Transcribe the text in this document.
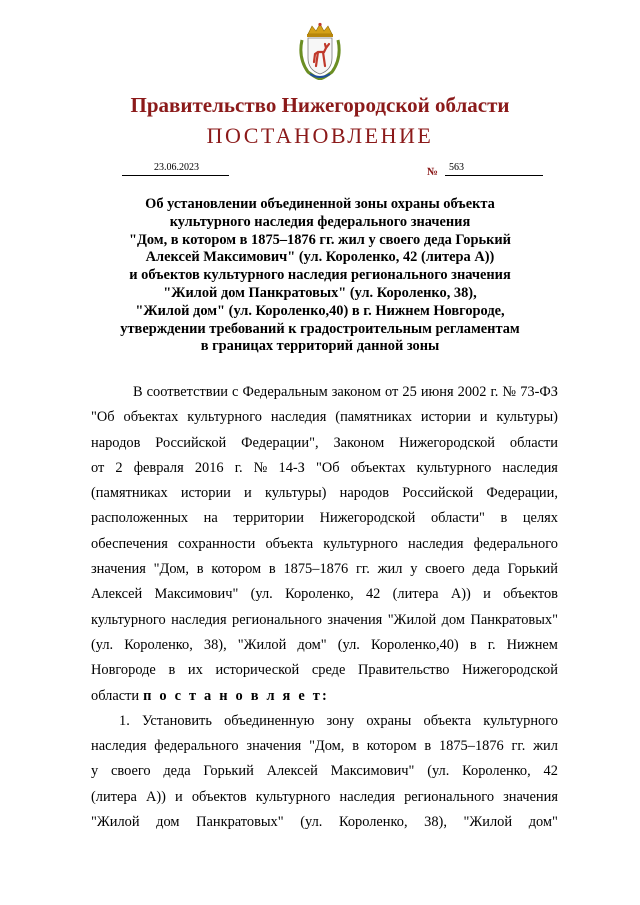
Правительство Нижегородской области
ПОСТАНОВЛЕНИЕ
23.06.2023	№	563
Об установлении объединенной зоны охраны объекта
культурного наследия федерального значения
"Дом, в котором в 1875–1876 гг. жил у своего деда Горький
Алексей Максимович" (ул. Короленко, 42 (литера А))
и объектов культурного наследия регионального значения
"Жилой дом Панкратовых" (ул. Короленко, 38),
"Жилой дом" (ул. Короленко,40) в г. Нижнем Новгороде,
утверждении требований к градостроительным регламентам
в границах территорий данной зоны
В соответствии с Федеральным законом от 25 июня 2002 г. № 73-ФЗ
"Об объектах культурного наследия (памятниках истории и культуры)
народов Российской Федерации", Законом Нижегородской области
от 2 февраля 2016 г. № 14-З "Об объектах культурного наследия
(памятниках истории и культуры) народов Российской Федерации,
расположенных на территории Нижегородской области" в целях
обеспечения сохранности объекта культурного наследия федерального
значения "Дом, в котором в 1875–1876 гг. жил у своего деда Горький
Алексей Максимович" (ул. Короленко, 42 (литера А)) и объектов
культурного наследия регионального значения "Жилой дом Панкратовых"
(ул. Короленко, 38), "Жилой дом" (ул. Короленко,40) в г. Нижнем
Новгороде в их исторической среде Правительство Нижегородской
области п о с т а н о в л я е т:
1. Установить объединенную зону охраны объекта культурного
наследия федерального значения "Дом, в котором в 1875–1876 гг. жил
у своего деда Горький Алексей Максимович" (ул. Короленко, 42
(литера А)) и объектов культурного наследия регионального значения
"Жилой дом Панкратовых" (ул. Короленко, 38), "Жилой дом"
